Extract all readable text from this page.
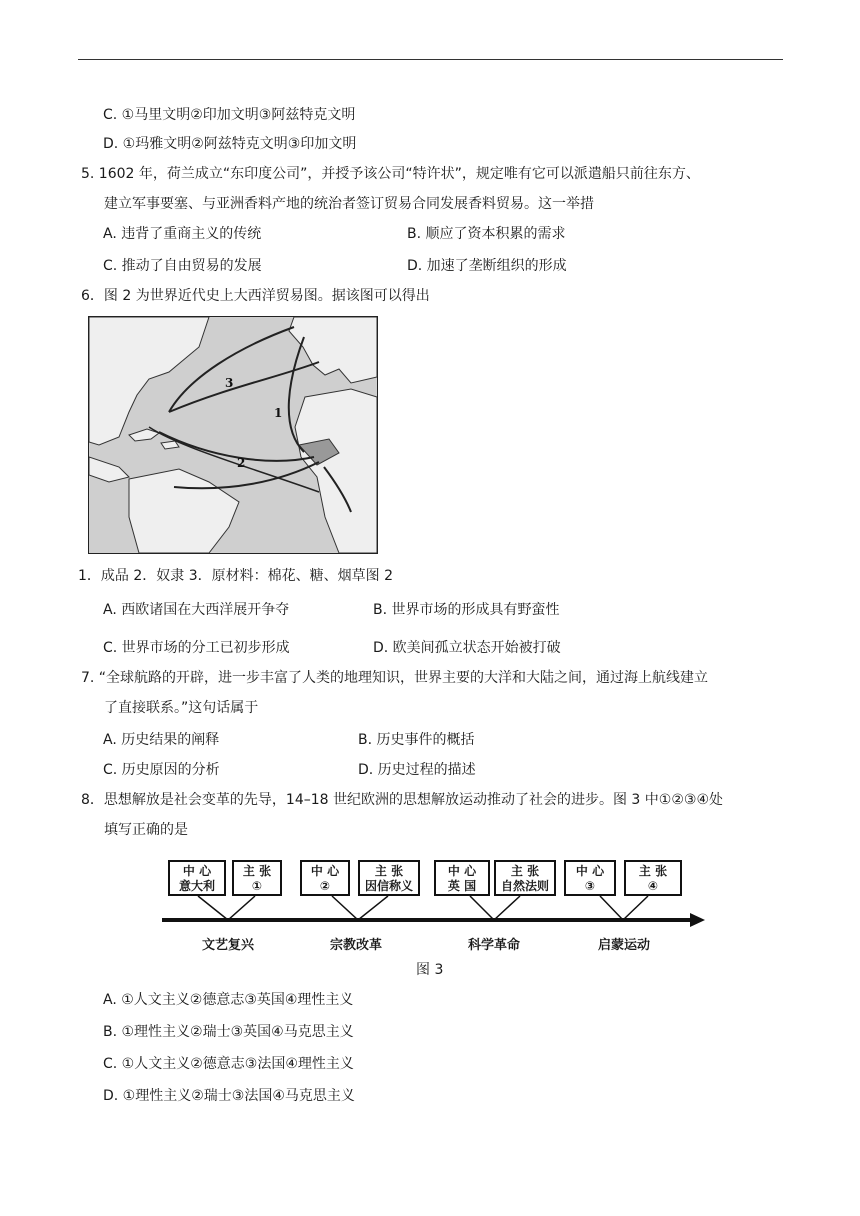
C. ①马里文明②印加文明③阿兹特克文明
D. ①玛雅文明②阿兹特克文明③印加文明
5. 1602 年，荷兰成立“东印度公司”，并授予该公司“特许状”，规定唯有它可以派遣船只前往东方、
建立军事要塞、与亚洲香料产地的统治者签订贸易合同发展香料贸易。这一举措
A. 违背了重商主义的传统	B. 顺应了资本积累的需求
C. 推动了自由贸易的发展	D. 加速了垄断组织的形成
6．图 2 为世界近代史上大西洋贸易图。据该图可以得出
3
1
2
1．成品 2．奴隶 3．原材料：棉花、糖、烟草图 2
A. 西欧诸国在大西洋展开争夺	B. 世界市场的形成具有野蛮性
C. 世界市场的分工已初步形成	D. 欧美间孤立状态开始被打破
7. “全球航路的开辟，进一步丰富了人类的地理知识，世界主要的大洋和大陆之间，通过海上航线建立
了直接联系。”这句话属于
A. 历史结果的阐释	B. 历史事件的概括
C. 历史原因的分析	D. 历史过程的描述
8．思想解放是社会变革的先导，14–18 世纪欧洲的思想解放运动推动了社会的进步。图 3 中①②③④处
填写正确的是
中 心
意大利
主 张
①
中 心
②
主 张
因信称义
中 心
英 国
主 张
自然法则
中 心
③
主 张
④
文艺复兴	宗教改革	科学革命	启蒙运动
图 3
A. ①人文主义②德意志③英国④理性主义
B. ①理性主义②瑞士③英国④马克思主义
C. ①人文主义②德意志③法国④理性主义
D. ①理性主义②瑞士③法国④马克思主义
